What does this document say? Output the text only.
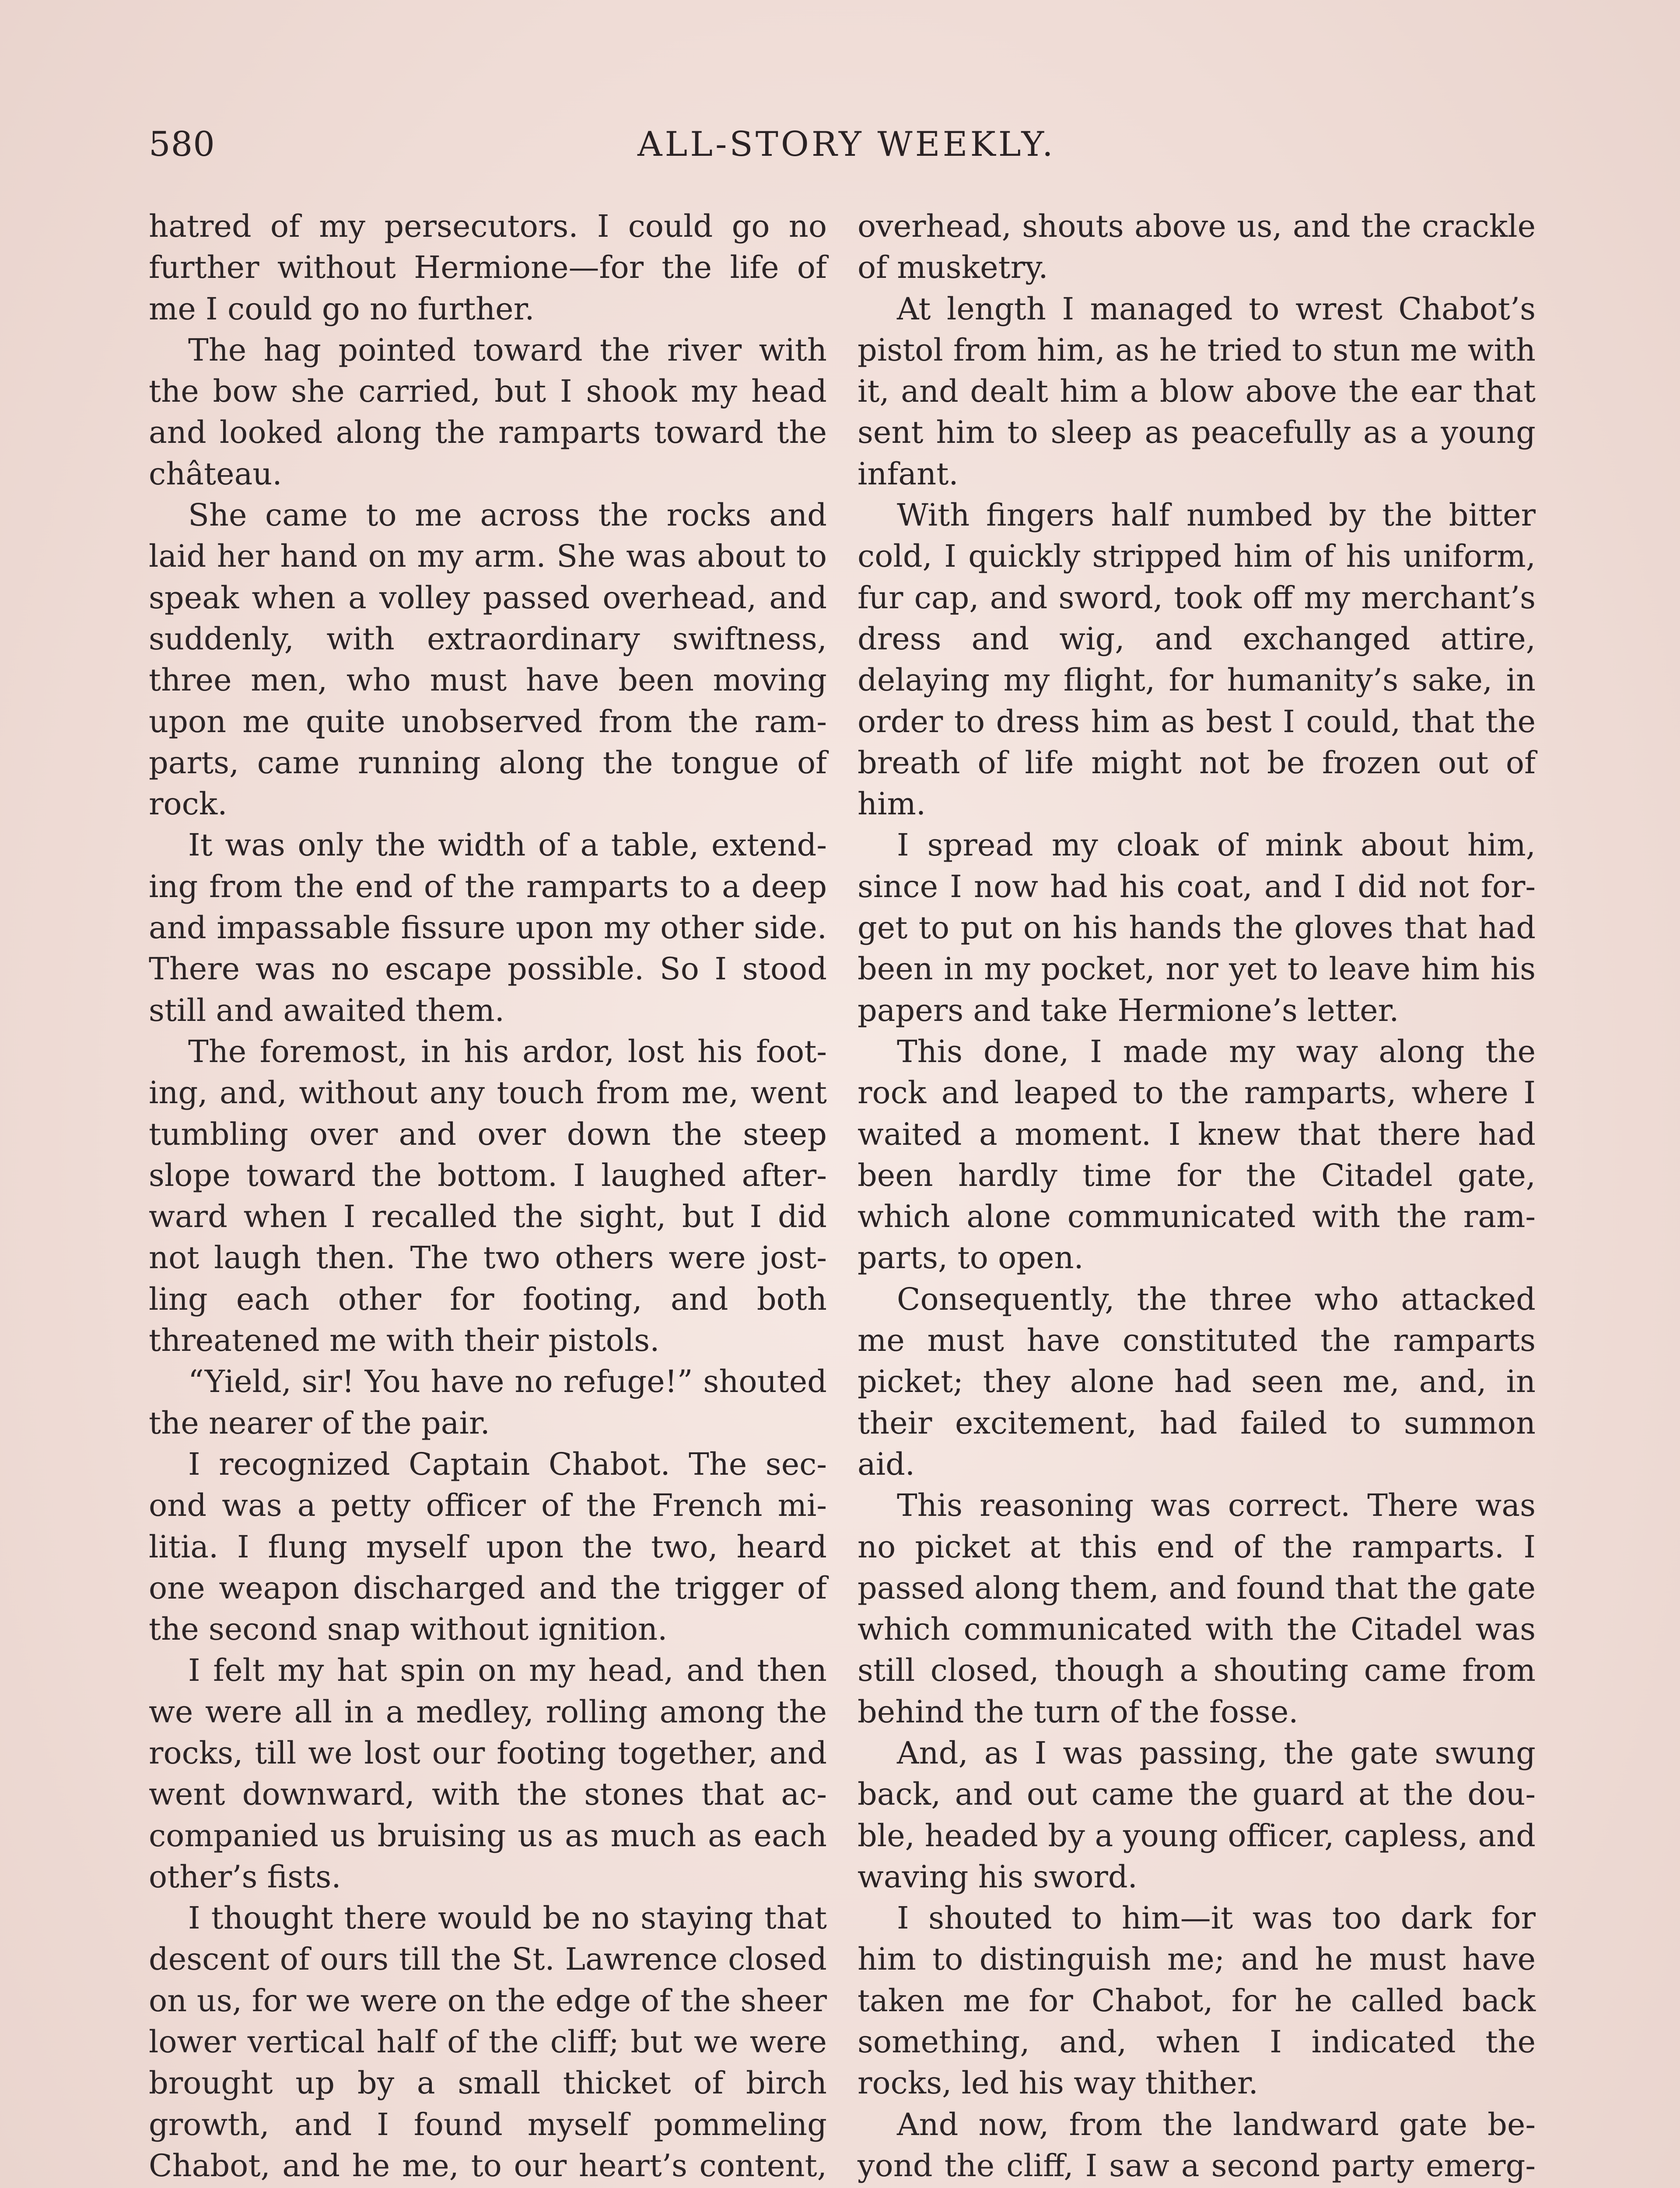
580	ALL-STORY WEEKLY.

hatred of my persecutors. I could go no further without Hermione—for the life of me I could go no further.

The hag pointed toward the river with the bow she carried, but I shook my head and looked along the ramparts toward the château.

She came to me across the rocks and laid her hand on my arm. She was about to speak when a volley passed overhead, and suddenly, with extraordinary swiftness, three men, who must have been moving upon me quite unobserved from the ramparts, came running along the tongue of rock.

It was only the width of a table, extending from the end of the ramparts to a deep and impassable fissure upon my other side. There was no escape possible. So I stood still and awaited them.

The foremost, in his ardor, lost his footing, and, without any touch from me, went tumbling over and over down the steep slope toward the bottom. I laughed afterward when I recalled the sight, but I did not laugh then. The two others were jostling each other for footing, and both threatened me with their pistols.

“Yield, sir! You have no refuge!” shouted the nearer of the pair.

I recognized Captain Chabot. The second was a petty officer of the French militia. I flung myself upon the two, heard one weapon discharged and the trigger of the second snap without ignition.

I felt my hat spin on my head, and then we were all in a medley, rolling among the rocks, till we lost our footing together, and went downward, with the stones that accompanied us bruising us as much as each other’s fists.

I thought there would be no staying that descent of ours till the St. Lawrence closed on us, for we were on the edge of the sheer lower vertical half of the cliff; but we were brought up by a small thicket of birch growth, and I found myself pommeling Chabot, and he me, to our heart’s content,

overhead, shouts above us, and the crackle of musketry.

At length I managed to wrest Chabot’s pistol from him, as he tried to stun me with it, and dealt him a blow above the ear that sent him to sleep as peacefully as a young infant.

With fingers half numbed by the bitter cold, I quickly stripped him of his uniform, fur cap, and sword, took off my merchant’s dress and wig, and exchanged attire, delaying my flight, for humanity’s sake, in order to dress him as best I could, that the breath of life might not be frozen out of him.

I spread my cloak of mink about him, since I now had his coat, and I did not forget to put on his hands the gloves that had been in my pocket, nor yet to leave him his papers and take Hermione’s letter.

This done, I made my way along the rock and leaped to the ramparts, where I waited a moment. I knew that there had been hardly time for the Citadel gate, which alone communicated with the ramparts, to open.

Consequently, the three who attacked me must have constituted the ramparts picket; they alone had seen me, and, in their excitement, had failed to summon aid.

This reasoning was correct. There was no picket at this end of the ramparts. I passed along them, and found that the gate which communicated with the Citadel was still closed, though a shouting came from behind the turn of the fosse.

And, as I was passing, the gate swung back, and out came the guard at the double, headed by a young officer, capless, and waving his sword.

I shouted to him—it was too dark for him to distinguish me; and he must have taken me for Chabot, for he called back something, and, when I indicated the rocks, led his way thither.

And now, from the landward gate beyond the cliff, I saw a second party emerg
